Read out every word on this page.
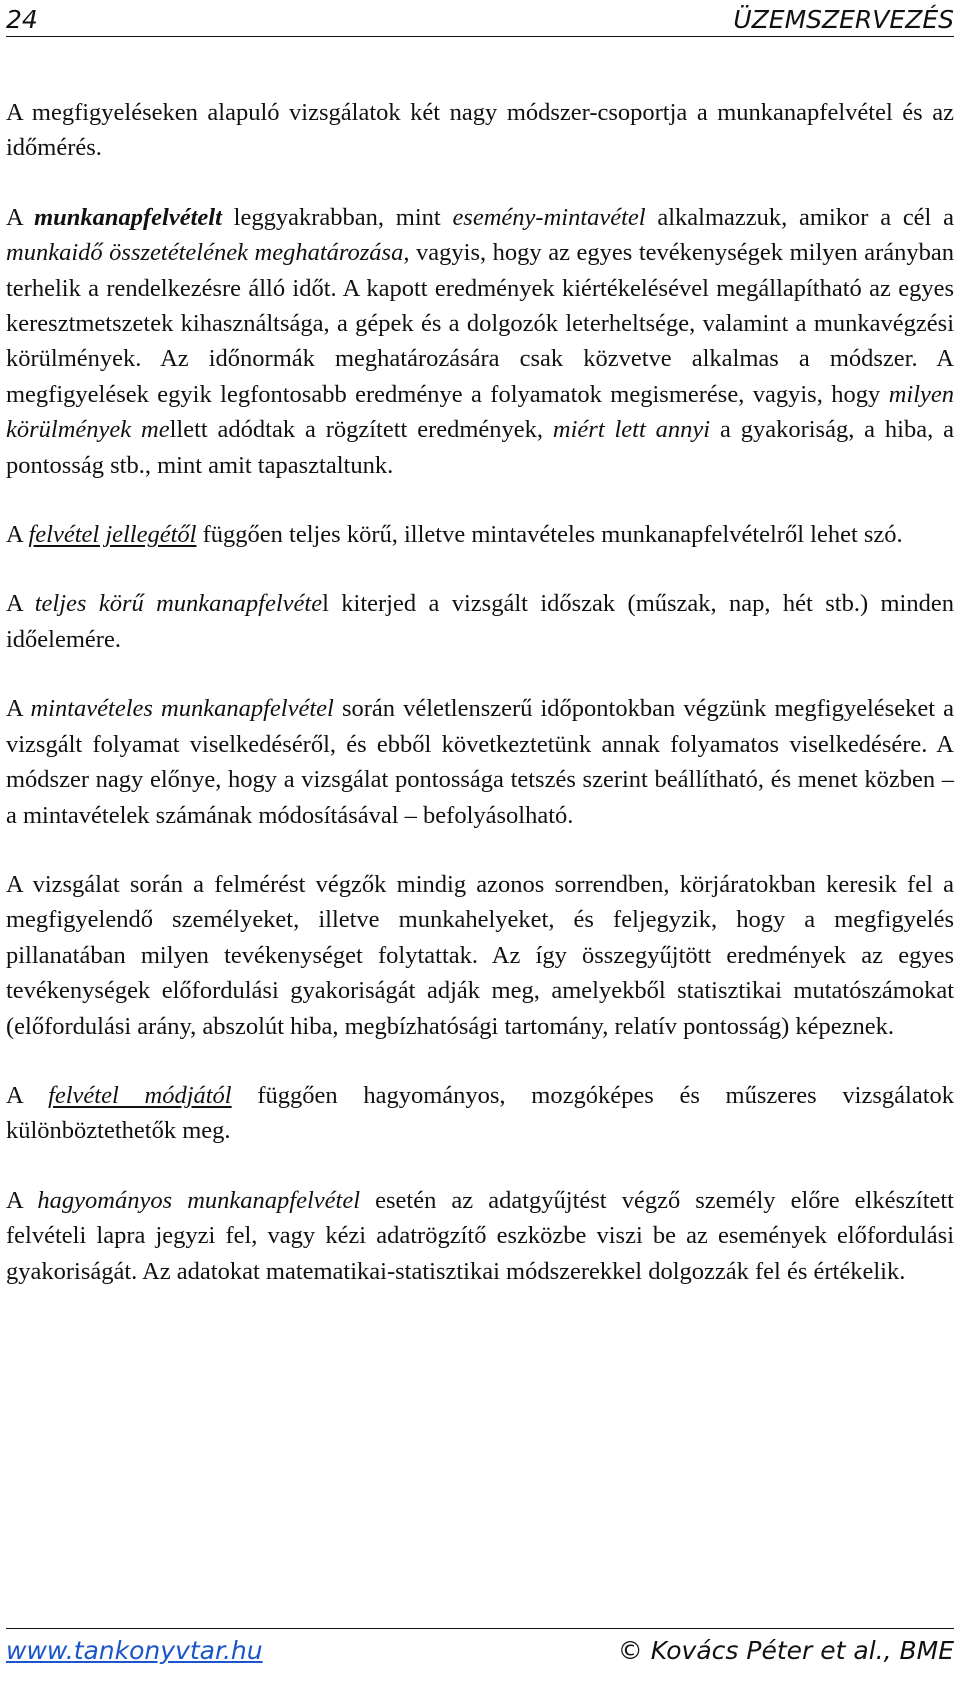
24	ÜZEMSZERVEZÉS

A megfigyeléseken alapuló vizsgálatok két nagy módszer-csoportja a munkanapfelvétel és az időmérés.

A munkanapfelvételt leggyakrabban, mint esemény-mintavétel alkalmazzuk, amikor a cél a munkaidő összetételének meghatározása, vagyis, hogy az egyes tevékenységek milyen arányban terhelik a rendelkezésre álló időt. A kapott eredmények kiértékelésével megállapítható az egyes keresztmetszetek kihasználtsága, a gépek és a dolgozók leterheltsége, valamint a munkavégzési körülmények. Az időnormák meghatározására csak közvetve alkalmas a módszer. A megfigyelések egyik legfontosabb eredménye a folyamatok megismerése, vagyis, hogy milyen körülmények mellett adódtak a rögzített eredmények, miért lett annyi a gyakoriság, a hiba, a pontosság stb., mint amit tapasztaltunk.

A felvétel jellegétől függően teljes körű, illetve mintavételes munkanapfelvételről lehet szó.

A teljes körű munkanapfelvétel kiterjed a vizsgált időszak (műszak, nap, hét stb.) minden időelemére.

A mintavételes munkanapfelvétel során véletlenszerű időpontokban végzünk megfigyeléseket a vizsgált folyamat viselkedéséről, és ebből következtetünk annak folyamatos viselkedésére. A módszer nagy előnye, hogy a vizsgálat pontossága tetszés szerint beállítható, és menet közben – a mintavételek számának módosításával – befolyásolható.

A vizsgálat során a felmérést végzők mindig azonos sorrendben, körjáratokban keresik fel a megfigyelendő személyeket, illetve munkahelyeket, és feljegyzik, hogy a megfigyelés pillanatában milyen tevékenységet folytattak. Az így összegyűjtött eredmények az egyes tevékenységek előfordulási gyakoriságát adják meg, amelyekből statisztikai mutatószámokat (előfordulási arány, abszolút hiba, megbízhatósági tartomány, relatív pontosság) képeznek.

A felvétel módjától függően hagyományos, mozgóképes és műszeres vizsgálatok különböztethetők meg.

A hagyományos munkanapfelvétel esetén az adatgyűjtést végző személy előre elkészített felvételi lapra jegyzi fel, vagy kézi adatrögzítő eszközbe viszi be az események előfordulási gyakoriságát. Az adatokat matematikai-statisztikai módszerekkel dolgozzák fel és értékelik.

www.tankonyvtar.hu	© Kovács Péter et al., BME
